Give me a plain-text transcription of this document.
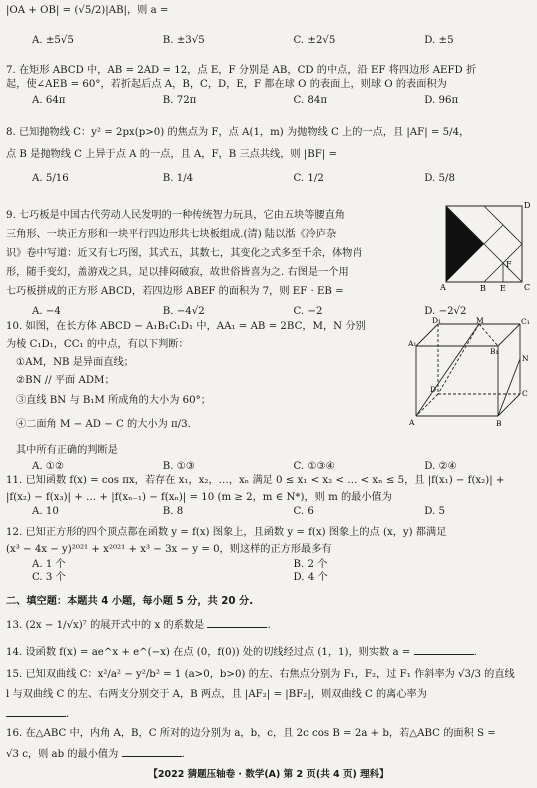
|OA + OB| = (√5/2)|AB|，则 a =
A. ±5√5	B. ±3√5	C. ±2√5	D. ±5
7. 在矩形 ABCD 中，AB = 2AD = 12，点 E，F 分别是 AB，CD 的中点，沿 EF 将四边形 AEFD 折
起，使∠AEB = 60°，若折起后点 A，B，C，D，E，F 都在球 O 的表面上，则球 O 的表面积为
A. 64π	B. 72π	C. 84π	D. 96π
8. 已知抛物线 C：y² = 2px(p>0) 的焦点为 F，点 A(1，m) 为抛物线 C 上的一点，且 |AF| = 5/4，
点 B 是抛物线 C 上异于点 A 的一点，且 A，F，B 三点共线，则 |BF| =
A. 5/16	B. 1/4	C. 1/2	D. 5/8
9. 七巧板是中国古代劳动人民发明的一种传统智力玩具，它由五块等腰直角
三角形、一块正方形和一块平行四边形共七块板组成.(清) 陆以湉《冷庐杂
识》卷中写道：近又有七巧图，其式五，其数七，其变化之式多至千余，体物肖
形，随手变幻，盖游戏之具，足以排闷破寂，故世俗皆喜为之. 右图是一个用
七巧板拼成的正方形 ABCD，若四边形 ABEF 的面积为 7，则 EF · EB =
A. −4	B. −4√2	C. −2	D. −2√2
A	B	C
D
E
F
10. 如图，在长方体 ABCD − A₁B₁C₁D₁ 中，AA₁ = AB = 2BC，M，N 分别
为棱 C₁D₁，CC₁ 的中点，有以下判断：
①AM，NB 是异面直线；
②BN // 平面 ADM；
③直线 BN 与 B₁M 所成角的大小为 60°；
④二面角 M − AD − C 的大小为 π/3.
其中所有正确的判断是
A. ①②	B. ①③	C. ①③④	D. ②④
D₁	M	C₁
A₁
B₁
N
D	C
A	B
11. 已知函数 f(x) = cos πx，若存在 x₁，x₂，…，xₙ 满足 0 ≤ x₁ < x₂ < … < xₙ ≤ 5，且 |f(x₁) − f(x₂)| +
|f(x₂) − f(x₃)| + … + |f(xₙ₋₁) − f(xₙ)| = 10 (m ≥ 2，m ∈ N*)，则 m 的最小值为
A. 10	B. 8	C. 6	D. 5
12. 已知正方形的四个顶点都在函数 y = f(x) 图象上，且函数 y = f(x) 图象上的点 (x，y) 都满足
(x³ − 4x − y)²⁰²¹ + x²⁰²¹ + x³ − 3x − y = 0，则这样的正方形最多有
A. 1 个	B. 2 个
C. 3 个	D. 4 个
二、填空题：本题共 4 小题，每小题 5 分，共 20 分.
13. (2x − 1/√x)⁷ 的展开式中的 x 的系数是	.
14. 设函数 f(x) = ae^x + e^(−x) 在点 (0，f(0)) 处的切线经过点 (1，1)，则实数 a =	.
15. 已知双曲线 C：x²/a² − y²/b² = 1 (a>0，b>0) 的左、右焦点分别为 F₁，F₂，过 F₁ 作斜率为 √3/3 的直线
l 与双曲线 C 的左、右两支分别交于 A，B 两点，且 |AF₂| = |BF₂|，则双曲线 C 的离心率为
.
16. 在△ABC 中，内角 A，B，C 所对的边分别为 a，b，c，且 2c cos B = 2a + b，若△ABC 的面积 S =
√3 c，则 ab 的最小值为	.
【2022 猜题压轴卷 · 数学(A) 第 2 页(共 4 页) 理科】
